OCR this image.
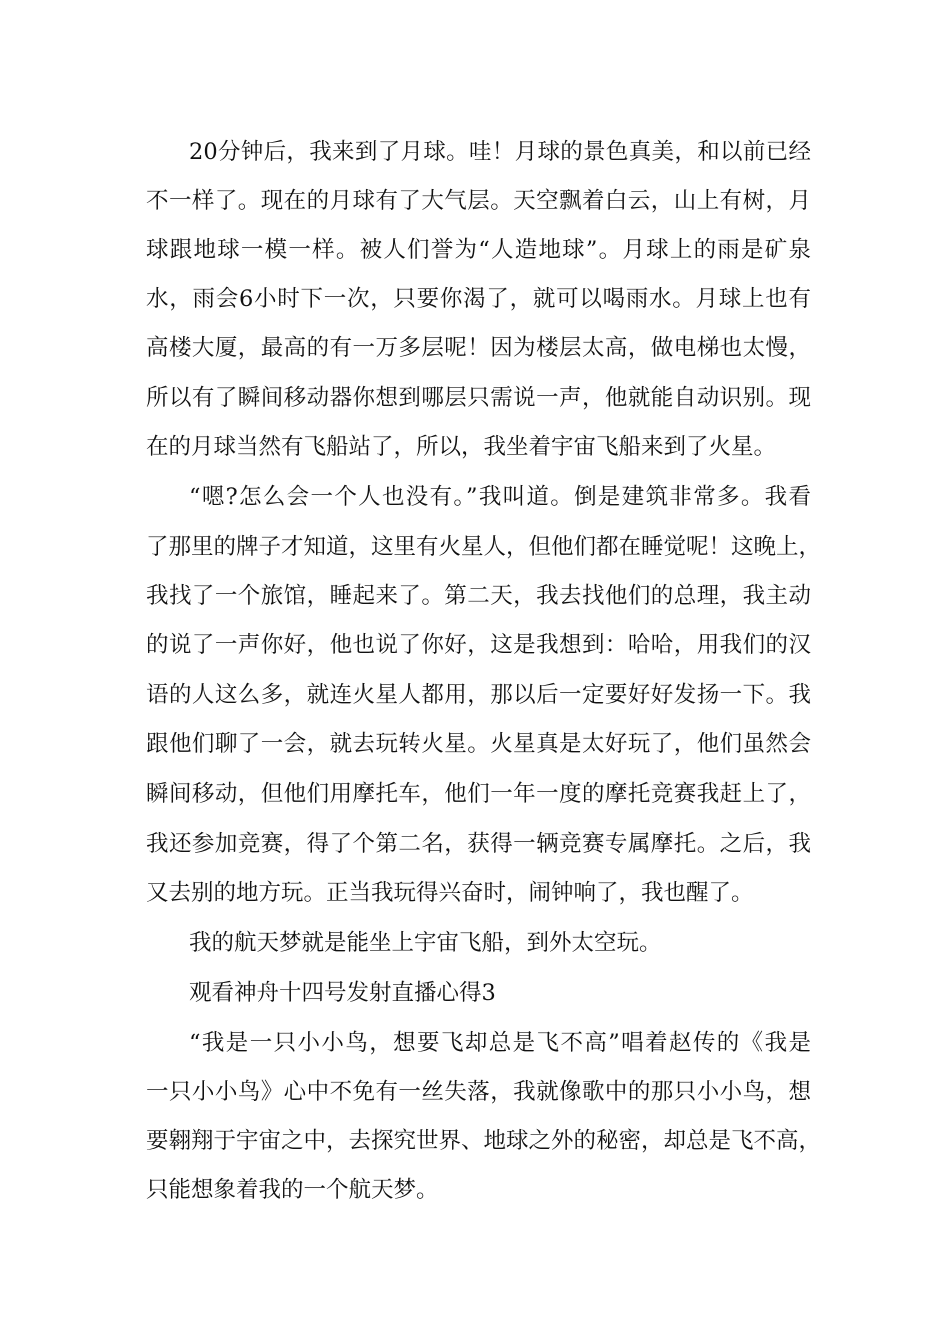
20分钟后，我来到了月球。哇！月球的景色真美，和以前已经
不一样了。现在的月球有了大气层。天空飘着白云，山上有树，月
球跟地球一模一样。被人们誉为“人造地球”。月球上的雨是矿泉
水，雨会6小时下一次，只要你渴了，就可以喝雨水。月球上也有
高楼大厦，最高的有一万多层呢！因为楼层太高，做电梯也太慢，
所以有了瞬间移动器你想到哪层只需说一声，他就能自动识别。现
在的月球当然有飞船站了，所以，我坐着宇宙飞船来到了火星。
“嗯?怎么会一个人也没有。”我叫道。倒是建筑非常多。我看
了那里的牌子才知道，这里有火星人，但他们都在睡觉呢！这晚上，
我找了一个旅馆，睡起来了。第二天，我去找他们的总理，我主动
的说了一声你好，他也说了你好，这是我想到：哈哈，用我们的汉
语的人这么多，就连火星人都用，那以后一定要好好发扬一下。我
跟他们聊了一会，就去玩转火星。火星真是太好玩了，他们虽然会
瞬间移动，但他们用摩托车，他们一年一度的摩托竞赛我赶上了，
我还参加竞赛，得了个第二名，获得一辆竞赛专属摩托。之后，我
又去别的地方玩。正当我玩得兴奋时，闹钟响了，我也醒了。
我的航天梦就是能坐上宇宙飞船，到外太空玩。
观看神舟十四号发射直播心得3
“我是一只小小鸟，想要飞却总是飞不高”唱着赵传的《我是
一只小小鸟》心中不免有一丝失落，我就像歌中的那只小小鸟，想
要翱翔于宇宙之中，去探究世界、地球之外的秘密，却总是飞不高，
只能想象着我的一个航天梦。
